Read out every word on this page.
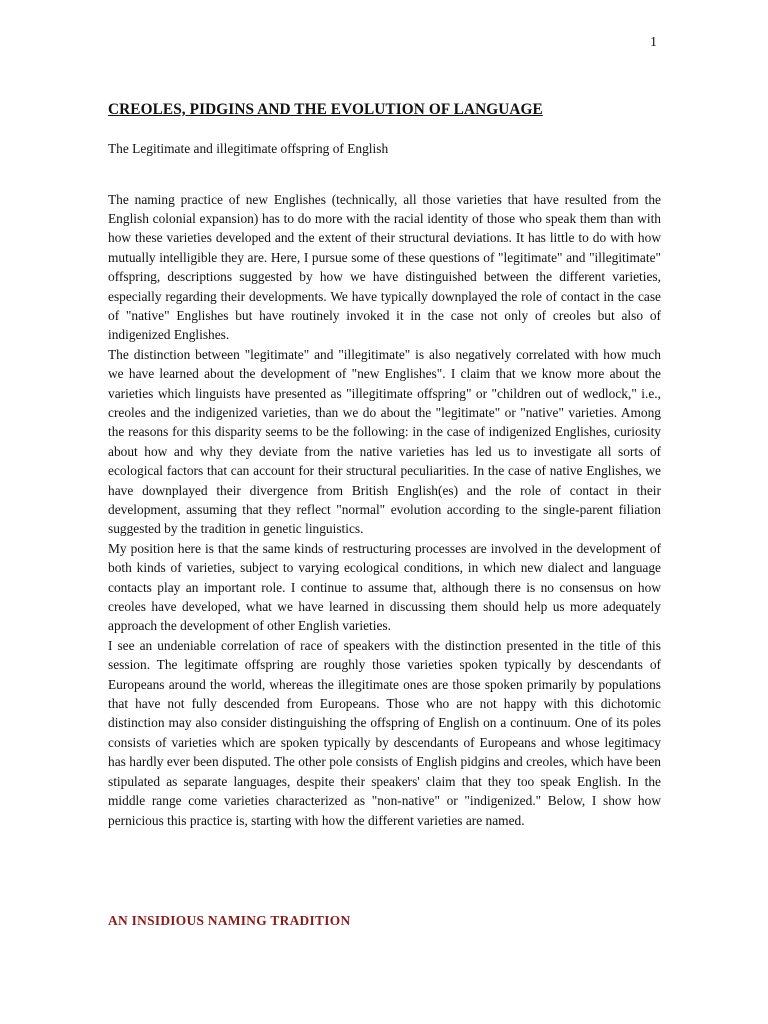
1
CREOLES, PIDGINS AND THE EVOLUTION OF LANGUAGE
The Legitimate and illegitimate offspring of English

The naming practice of new Englishes (technically, all those varieties that have resulted from the English colonial expansion) has to do more with the racial identity of those who speak them than with how these varieties developed and the extent of their structural deviations. It has little to do with how mutually intelligible they are. Here, I pursue some of these questions of "legitimate" and "illegitimate" offspring, descriptions suggested by how we have distinguished between the different varieties, especially regarding their developments. We have typically downplayed the role of contact in the case of "native" Englishes but have routinely invoked it in the case not only of creoles but also of indigenized Englishes.

The distinction between "legitimate" and "illegitimate" is also negatively correlated with how much we have learned about the development of "new Englishes". I claim that we know more about the varieties which linguists have presented as "illegitimate offspring" or "children out of wedlock," i.e., creoles and the indigenized varieties, than we do about the "legitimate" or "native" varieties. Among the reasons for this disparity seems to be the following: in the case of indigenized Englishes, curiosity about how and why they deviate from the native varieties has led us to investigate all sorts of ecological factors that can account for their structural peculiarities. In the case of native Englishes, we have downplayed their divergence from British English(es) and the role of contact in their development, assuming that they reflect "normal" evolution according to the single-parent filiation suggested by the tradition in genetic linguistics.

My position here is that the same kinds of restructuring processes are involved in the development of both kinds of varieties, subject to varying ecological conditions, in which new dialect and language contacts play an important role. I continue to assume that, although there is no consensus on how creoles have developed, what we have learned in discussing them should help us more adequately approach the development of other English varieties.

I see an undeniable correlation of race of speakers with the distinction presented in the title of this session. The legitimate offspring are roughly those varieties spoken typically by descendants of Europeans around the world, whereas the illegitimate ones are those spoken primarily by populations that have not fully descended from Europeans. Those who are not happy with this dichotomic distinction may also consider distinguishing the offspring of English on a continuum. One of its poles consists of varieties which are spoken typically by descendants of Europeans and whose legitimacy has hardly ever been disputed. The other pole consists of English pidgins and creoles, which have been stipulated as separate languages, despite their speakers' claim that they too speak English. In the middle range come varieties characterized as "non-native" or "indigenized." Below, I show how pernicious this practice is, starting with how the different varieties are named.

AN INSIDIOUS NAMING TRADITION
